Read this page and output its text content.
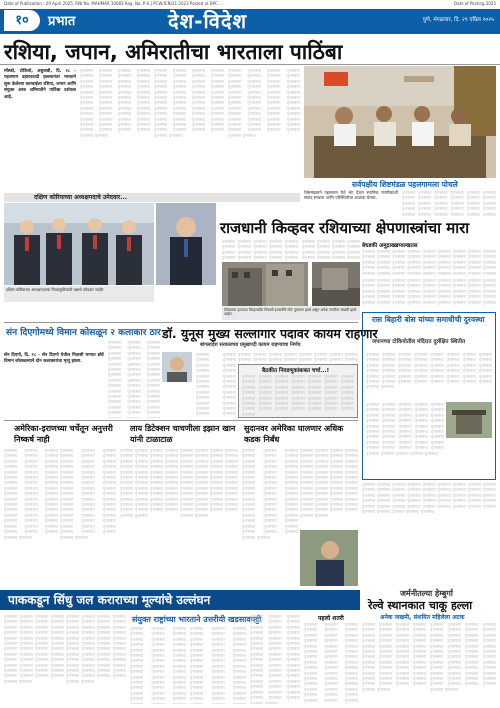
Date of Publication : 29 April 2025, RNI No. MAHMAR 10683 Reg. No. P-S | PCW/ICN/21-2023 Posted at BPC ...	Date of Posting 2025
१०	प्रभात	देश-विदेश	पुणे, मंगळवार, दि. २९ एप्रिल २०२५
रशिया, जपान, अमिरातीचा भारताला पाठिंबा
मॉस्को, टोकियो, अबुधाबी, दि. २८ - पहलगाम दहशतवादी हल्ल्यानंतर भारताने सुरू केलेल्या कारवाईला रशिया, जपान आणि संयुक्त अरब अमिरातीने पाठिंबा दर्शवला आहे.
वृत्तसंस्था वृत्तसंस्था वृत्तसंस्था वृत्तसंस्था वृत्तसंस्था वृत्तसंस्था वृत्तसंस्था वृत्तसंस्था वृत्तसंस्था वृत्तसंस्था वृत्तसंस्था वृत्तसंस्था वृत्तसंस्था वृत्तसंस्था वृत्तसंस्था वृत्तसंस्था वृत्तसंस्था वृत्तसंस्था वृत्तसंस्था वृत्तसंस्था वृत्तसंस्था वृत्तसंस्था वृत्तसंस्था वृत्तसंस्था वृत्तसंस्था वृत्तसंस्था वृत्तसंस्था वृत्तसंस्था वृत्तसंस्था वृत्तसंस्था वृत्तसंस्था वृत्तसंस्था वृत्तसंस्था वृत्तसंस्था वृत्तसंस्था वृत्तसंस्था वृत्तसंस्था वृत्तसंस्था वृत्तसंस्था वृत्तसंस्था वृत्तसंस्था वृत्तसंस्था वृत्तसंस्था वृत्तसंस्था वृत्तसंस्था वृत्तसंस्था वृत्तसंस्था वृत्तसंस्था वृत्तसंस्था वृत्तसंस्था
वृत्तसंस्था वृत्तसंस्था वृत्तसंस्था वृत्तसंस्था वृत्तसंस्था वृत्तसंस्था वृत्तसंस्था वृत्तसंस्था वृत्तसंस्था वृत्तसंस्था वृत्तसंस्था वृत्तसंस्था वृत्तसंस्था वृत्तसंस्था वृत्तसंस्था वृत्तसंस्था वृत्तसंस्था वृत्तसंस्था वृत्तसंस्था वृत्तसंस्था वृत्तसंस्था वृत्तसंस्था वृत्तसंस्था वृत्तसंस्था वृत्तसंस्था वृत्तसंस्था वृत्तसंस्था वृत्तसंस्था वृत्तसंस्था वृत्तसंस्था वृत्तसंस्था वृत्तसंस्था वृत्तसंस्था वृत्तसंस्था वृत्तसंस्था वृत्तसंस्था वृत्तसंस्था वृत्तसंस्था वृत्तसंस्था वृत्तसंस्था वृत्तसंस्था वृत्तसंस्था वृत्तसंस्था वृत्तसंस्था वृत्तसंस्था वृत्तसंस्था वृत्तसंस्था वृत्तसंस्था वृत्तसंस्था वृत्तसंस्था
वृत्तसंस्था वृत्तसंस्था वृत्तसंस्था वृत्तसंस्था वृत्तसंस्था वृत्तसंस्था वृत्तसंस्था वृत्तसंस्था वृत्तसंस्था वृत्तसंस्था वृत्तसंस्था वृत्तसंस्था वृत्तसंस्था वृत्तसंस्था वृत्तसंस्था वृत्तसंस्था वृत्तसंस्था वृत्तसंस्था वृत्तसंस्था वृत्तसंस्था वृत्तसंस्था वृत्तसंस्था वृत्तसंस्था वृत्तसंस्था वृत्तसंस्था वृत्तसंस्था वृत्तसंस्था वृत्तसंस्था वृत्तसंस्था वृत्तसंस्था वृत्तसंस्था वृत्तसंस्था वृत्तसंस्था वृत्तसंस्था वृत्तसंस्था वृत्तसंस्था वृत्तसंस्था वृत्तसंस्था वृत्तसंस्था वृत्तसंस्था वृत्तसंस्था वृत्तसंस्था वृत्तसंस्था वृत्तसंस्था वृत्तसंस्था वृत्तसंस्था वृत्तसंस्था वृत्तसंस्था वृत्तसंस्था वृत्तसंस्था
सर्वपक्षीय शिष्टमंडळ पहलगामला पोचले
शिष्टमंडळाने पहलगाम येथे भेट देऊन स्थानिक नागरिकांशी संवाद साधला आणि परिस्थितीचा आढावा घेतला.
वृत्तसंस्था वृत्तसंस्था वृत्तसंस्था वृत्तसंस्था वृत्तसंस्था वृत्तसंस्था वृत्तसंस्था वृत्तसंस्था वृत्तसंस्था वृत्तसंस्था वृत्तसंस्था वृत्तसंस्था वृत्तसंस्था वृत्तसंस्था वृत्तसंस्था वृत्तसंस्था वृत्तसंस्था वृत्तसंस्था वृत्तसंस्था वृत्तसंस्था वृत्तसंस्था वृत्तसंस्था वृत्तसंस्था वृत्तसंस्था वृत्तसंस्था वृत्तसंस्था वृत्तसंस्था वृत्तसंस्था वृत्तसंस्था वृत्तसंस्था वृत्तसंस्था वृत्तसंस्था वृत्तसंस्था वृत्तसंस्था वृत्तसंस्था वृत्तसंस्था वृत्तसंस्था वृत्तसंस्था वृत्तसंस्था वृत्तसंस्था वृत्तसंस्था वृत्तसंस्था वृत्तसंस्था वृत्तसंस्था वृत्तसंस्था वृत्तसंस्था वृत्तसंस्था वृत्तसंस्था वृत्तसंस्था वृत्तसंस्था
दक्षिण कोरियाच्या अध्यक्षपदाचे उमेदवार...
दक्षिण कोरियाच्या अध्यक्षपदाच्या निवडणुकीसाठी पक्षाचे उमेदवार जाहीर
राजधानी किव्हवर रशियाच्या क्षेपणास्त्रांचा मारा
वृत्तसंस्था वृत्तसंस्था वृत्तसंस्था वृत्तसंस्था वृत्तसंस्था वृत्तसंस्था वृत्तसंस्था वृत्तसंस्था वृत्तसंस्था वृत्तसंस्था वृत्तसंस्था वृत्तसंस्था वृत्तसंस्था वृत्तसंस्था वृत्तसंस्था वृत्तसंस्था वृत्तसंस्था वृत्तसंस्था वृत्तसंस्था वृत्तसंस्था वृत्तसंस्था वृत्तसंस्था वृत्तसंस्था वृत्तसंस्था वृत्तसंस्था वृत्तसंस्था वृत्तसंस्था वृत्तसंस्था वृत्तसंस्था वृत्तसंस्था वृत्तसंस्था वृत्तसंस्था वृत्तसंस्था वृत्तसंस्था वृत्तसंस्था वृत्तसंस्था वृत्तसंस्था वृत्तसंस्था वृत्तसंस्था वृत्तसंस्था वृत्तसंस्था वृत्तसंस्था वृत्तसंस्था वृत्तसंस्था वृत्तसंस्था वृत्तसंस्था वृत्तसंस्था वृत्तसंस्था वृत्तसंस्था वृत्तसंस्था
वृत्तसंस्था वृत्तसंस्था वृत्तसंस्था वृत्तसंस्था वृत्तसंस्था वृत्तसंस्था वृत्तसंस्था वृत्तसंस्था वृत्तसंस्था वृत्तसंस्था वृत्तसंस्था वृत्तसंस्था वृत्तसंस्था वृत्तसंस्था वृत्तसंस्था वृत्तसंस्था वृत्तसंस्था वृत्तसंस्था वृत्तसंस्था वृत्तसंस्था वृत्तसंस्था वृत्तसंस्था वृत्तसंस्था वृत्तसंस्था वृत्तसंस्था वृत्तसंस्था वृत्तसंस्था वृत्तसंस्था वृत्तसंस्था वृत्तसंस्था वृत्तसंस्था वृत्तसंस्था वृत्तसंस्था वृत्तसंस्था वृत्तसंस्था वृत्तसंस्था वृत्तसंस्था वृत्तसंस्था वृत्तसंस्था वृत्तसंस्था वृत्तसंस्था वृत्तसंस्था वृत्तसंस्था वृत्तसंस्था वृत्तसंस्था वृत्तसंस्था वृत्तसंस्था वृत्तसंस्था वृत्तसंस्था वृत्तसंस्था
बेधडकी अमुद्राख्खय्यल्खतस
वृत्तसंस्था वृत्तसंस्था वृत्तसंस्था वृत्तसंस्था वृत्तसंस्था वृत्तसंस्था वृत्तसंस्था वृत्तसंस्था वृत्तसंस्था वृत्तसंस्था वृत्तसंस्था वृत्तसंस्था वृत्तसंस्था वृत्तसंस्था वृत्तसंस्था वृत्तसंस्था वृत्तसंस्था वृत्तसंस्था वृत्तसंस्था वृत्तसंस्था वृत्तसंस्था वृत्तसंस्था वृत्तसंस्था वृत्तसंस्था वृत्तसंस्था वृत्तसंस्था वृत्तसंस्था वृत्तसंस्था वृत्तसंस्था वृत्तसंस्था वृत्तसंस्था वृत्तसंस्था वृत्तसंस्था वृत्तसंस्था वृत्तसंस्था वृत्तसंस्था वृत्तसंस्था वृत्तसंस्था वृत्तसंस्था वृत्तसंस्था वृत्तसंस्था वृत्तसंस्था वृत्तसंस्था वृत्तसंस्था वृत्तसंस्था वृत्तसंस्था वृत्तसंस्था वृत्तसंस्था वृत्तसंस्था वृत्तसंस्था
वृत्तसंस्था वृत्तसंस्था वृत्तसंस्था वृत्तसंस्था वृत्तसंस्था वृत्तसंस्था वृत्तसंस्था वृत्तसंस्था वृत्तसंस्था वृत्तसंस्था वृत्तसंस्था वृत्तसंस्था वृत्तसंस्था वृत्तसंस्था वृत्तसंस्था वृत्तसंस्था वृत्तसंस्था वृत्तसंस्था वृत्तसंस्था वृत्तसंस्था वृत्तसंस्था वृत्तसंस्था वृत्तसंस्था वृत्तसंस्था वृत्तसंस्था वृत्तसंस्था वृत्तसंस्था वृत्तसंस्था वृत्तसंस्था वृत्तसंस्था वृत्तसंस्था वृत्तसंस्था वृत्तसंस्था वृत्तसंस्था वृत्तसंस्था वृत्तसंस्था वृत्तसंस्था वृत्तसंस्था वृत्तसंस्था वृत्तसंस्था वृत्तसंस्था वृत्तसंस्था वृत्तसंस्था वृत्तसंस्था वृत्तसंस्था वृत्तसंस्था वृत्तसंस्था वृत्तसंस्था वृत्तसंस्था वृत्तसंस्था
रशियाच्या हल्ल्यात किव्हमधील निवासी इमारतींचे मोठे नुकसान झाले असून अनेक नागरिक जखमी झाले आहेत.
संन दिएगोमध्ये विमान कोसळून २ कलाकार ठार
सॅन दिएगो, दि. २८ - सॅन दिएगो येथील निवासी भागात छोटे विमान कोसळल्याने दोन कलाकारांचा मृत्यू झाला.
वृत्तसंस्था वृत्तसंस्था वृत्तसंस्था वृत्तसंस्था वृत्तसंस्था वृत्तसंस्था वृत्तसंस्था वृत्तसंस्था वृत्तसंस्था वृत्तसंस्था वृत्तसंस्था वृत्तसंस्था वृत्तसंस्था वृत्तसंस्था वृत्तसंस्था वृत्तसंस्था वृत्तसंस्था वृत्तसंस्था वृत्तसंस्था वृत्तसंस्था वृत्तसंस्था वृत्तसंस्था वृत्तसंस्था वृत्तसंस्था वृत्तसंस्था वृत्तसंस्था वृत्तसंस्था वृत्तसंस्था वृत्तसंस्था वृत्तसंस्था वृत्तसंस्था वृत्तसंस्था वृत्तसंस्था वृत्तसंस्था वृत्तसंस्था वृत्तसंस्था वृत्तसंस्था वृत्तसंस्था वृत्तसंस्था वृत्तसंस्था वृत्तसंस्था वृत्तसंस्था वृत्तसंस्था वृत्तसंस्था वृत्तसंस्था वृत्तसंस्था वृत्तसंस्था वृत्तसंस्था वृत्तसंस्था वृत्तसंस्था
डॉ. युनूस मुख्य सल्लागार पदावर कायम राहणार
बांगलादेश सरकारच्या प्रमुखपदी कायम राहण्याचा निर्णय
वृत्तसंस्था वृत्तसंस्था वृत्तसंस्था वृत्तसंस्था वृत्तसंस्था वृत्तसंस्था वृत्तसंस्था वृत्तसंस्था वृत्तसंस्था वृत्तसंस्था वृत्तसंस्था वृत्तसंस्था वृत्तसंस्था वृत्तसंस्था वृत्तसंस्था वृत्तसंस्था वृत्तसंस्था वृत्तसंस्था वृत्तसंस्था वृत्तसंस्था वृत्तसंस्था वृत्तसंस्था वृत्तसंस्था वृत्तसंस्था वृत्तसंस्था वृत्तसंस्था वृत्तसंस्था वृत्तसंस्था वृत्तसंस्था वृत्तसंस्था वृत्तसंस्था वृत्तसंस्था वृत्तसंस्था वृत्तसंस्था वृत्तसंस्था वृत्तसंस्था वृत्तसंस्था वृत्तसंस्था वृत्तसंस्था वृत्तसंस्था वृत्तसंस्था वृत्तसंस्था वृत्तसंस्था वृत्तसंस्था वृत्तसंस्था वृत्तसंस्था वृत्तसंस्था वृत्तसंस्था वृत्तसंस्था वृत्तसंस्था
वृत्तसंस्था वृत्तसंस्था वृत्तसंस्था वृत्तसंस्था वृत्तसंस्था वृत्तसंस्था वृत्तसंस्था वृत्तसंस्था वृत्तसंस्था वृत्तसंस्था वृत्तसंस्था वृत्तसंस्था वृत्तसंस्था वृत्तसंस्था वृत्तसंस्था वृत्तसंस्था वृत्तसंस्था वृत्तसंस्था वृत्तसंस्था वृत्तसंस्था वृत्तसंस्था वृत्तसंस्था वृत्तसंस्था वृत्तसंस्था वृत्तसंस्था वृत्तसंस्था वृत्तसंस्था वृत्तसंस्था वृत्तसंस्था वृत्तसंस्था वृत्तसंस्था वृत्तसंस्था वृत्तसंस्था वृत्तसंस्था वृत्तसंस्था वृत्तसंस्था वृत्तसंस्था वृत्तसंस्था वृत्तसंस्था वृत्तसंस्था वृत्तसंस्था वृत्तसंस्था वृत्तसंस्था वृत्तसंस्था वृत्तसंस्था वृत्तसंस्था वृत्तसंस्था वृत्तसंस्था वृत्तसंस्था वृत्तसंस्था
बैठकीत निवडणुकांबाबत चर्चा...!
वृत्तसंस्था वृत्तसंस्था वृत्तसंस्था वृत्तसंस्था वृत्तसंस्था वृत्तसंस्था वृत्तसंस्था वृत्तसंस्था वृत्तसंस्था वृत्तसंस्था वृत्तसंस्था वृत्तसंस्था वृत्तसंस्था वृत्तसंस्था वृत्तसंस्था वृत्तसंस्था वृत्तसंस्था वृत्तसंस्था वृत्तसंस्था वृत्तसंस्था वृत्तसंस्था वृत्तसंस्था वृत्तसंस्था वृत्तसंस्था वृत्तसंस्था वृत्तसंस्था वृत्तसंस्था वृत्तसंस्था वृत्तसंस्था वृत्तसंस्था वृत्तसंस्था वृत्तसंस्था वृत्तसंस्था वृत्तसंस्था वृत्तसंस्था वृत्तसंस्था वृत्तसंस्था वृत्तसंस्था वृत्तसंस्था वृत्तसंस्था वृत्तसंस्था वृत्तसंस्था वृत्तसंस्था वृत्तसंस्था वृत्तसंस्था वृत्तसंस्था वृत्तसंस्था वृत्तसंस्था वृत्तसंस्था वृत्तसंस्था
रास बिहारी बोस यांच्या समाधीची दुरवस्था
जपानच्या टोकियोतील मंदिरात दुर्लक्षित स्थितीत
वृत्तसंस्था वृत्तसंस्था वृत्तसंस्था वृत्तसंस्था वृत्तसंस्था वृत्तसंस्था वृत्तसंस्था वृत्तसंस्था वृत्तसंस्था वृत्तसंस्था वृत्तसंस्था वृत्तसंस्था वृत्तसंस्था वृत्तसंस्था वृत्तसंस्था वृत्तसंस्था वृत्तसंस्था वृत्तसंस्था वृत्तसंस्था वृत्तसंस्था वृत्तसंस्था वृत्तसंस्था वृत्तसंस्था वृत्तसंस्था वृत्तसंस्था वृत्तसंस्था वृत्तसंस्था वृत्तसंस्था वृत्तसंस्था वृत्तसंस्था वृत्तसंस्था वृत्तसंस्था वृत्तसंस्था वृत्तसंस्था वृत्तसंस्था वृत्तसंस्था वृत्तसंस्था वृत्तसंस्था वृत्तसंस्था वृत्तसंस्था वृत्तसंस्था वृत्तसंस्था वृत्तसंस्था वृत्तसंस्था वृत्तसंस्था वृत्तसंस्था वृत्तसंस्था वृत्तसंस्था वृत्तसंस्था वृत्तसंस्था
वृत्तसंस्था वृत्तसंस्था वृत्तसंस्था वृत्तसंस्था वृत्तसंस्था वृत्तसंस्था वृत्तसंस्था वृत्तसंस्था वृत्तसंस्था वृत्तसंस्था वृत्तसंस्था वृत्तसंस्था वृत्तसंस्था वृत्तसंस्था वृत्तसंस्था वृत्तसंस्था वृत्तसंस्था वृत्तसंस्था वृत्तसंस्था वृत्तसंस्था वृत्तसंस्था वृत्तसंस्था वृत्तसंस्था वृत्तसंस्था वृत्तसंस्था वृत्तसंस्था वृत्तसंस्था वृत्तसंस्था वृत्तसंस्था वृत्तसंस्था वृत्तसंस्था वृत्तसंस्था वृत्तसंस्था वृत्तसंस्था वृत्तसंस्था वृत्तसंस्था वृत्तसंस्था वृत्तसंस्था वृत्तसंस्था वृत्तसंस्था वृत्तसंस्था वृत्तसंस्था वृत्तसंस्था वृत्तसंस्था वृत्तसंस्था वृत्तसंस्था वृत्तसंस्था वृत्तसंस्था वृत्तसंस्था वृत्तसंस्था
अमेरिका-इराणच्या चर्चेतून अनुत्तरी निष्कर्ष नाही
वृत्तसंस्था वृत्तसंस्था वृत्तसंस्था वृत्तसंस्था वृत्तसंस्था वृत्तसंस्था वृत्तसंस्था वृत्तसंस्था वृत्तसंस्था वृत्तसंस्था वृत्तसंस्था वृत्तसंस्था वृत्तसंस्था वृत्तसंस्था वृत्तसंस्था वृत्तसंस्था वृत्तसंस्था वृत्तसंस्था वृत्तसंस्था वृत्तसंस्था वृत्तसंस्था वृत्तसंस्था वृत्तसंस्था वृत्तसंस्था वृत्तसंस्था वृत्तसंस्था वृत्तसंस्था वृत्तसंस्था वृत्तसंस्था वृत्तसंस्था वृत्तसंस्था वृत्तसंस्था वृत्तसंस्था वृत्तसंस्था वृत्तसंस्था वृत्तसंस्था वृत्तसंस्था वृत्तसंस्था वृत्तसंस्था वृत्तसंस्था वृत्तसंस्था वृत्तसंस्था वृत्तसंस्था वृत्तसंस्था वृत्तसंस्था वृत्तसंस्था वृत्तसंस्था वृत्तसंस्था वृत्तसंस्था वृत्तसंस्था
वृत्तसंस्था वृत्तसंस्था वृत्तसंस्था वृत्तसंस्था वृत्तसंस्था वृत्तसंस्था वृत्तसंस्था वृत्तसंस्था वृत्तसंस्था वृत्तसंस्था वृत्तसंस्था वृत्तसंस्था वृत्तसंस्था वृत्तसंस्था वृत्तसंस्था वृत्तसंस्था वृत्तसंस्था वृत्तसंस्था वृत्तसंस्था वृत्तसंस्था वृत्तसंस्था वृत्तसंस्था वृत्तसंस्था वृत्तसंस्था वृत्तसंस्था वृत्तसंस्था वृत्तसंस्था वृत्तसंस्था वृत्तसंस्था वृत्तसंस्था वृत्तसंस्था वृत्तसंस्था वृत्तसंस्था वृत्तसंस्था वृत्तसंस्था वृत्तसंस्था वृत्तसंस्था वृत्तसंस्था वृत्तसंस्था वृत्तसंस्था वृत्तसंस्था वृत्तसंस्था वृत्तसंस्था वृत्तसंस्था वृत्तसंस्था वृत्तसंस्था वृत्तसंस्था वृत्तसंस्था वृत्तसंस्था वृत्तसंस्था
लाय डिटेक्शन चाचणीला इझान खान यांनी टाळाटाळ
वृत्तसंस्था वृत्तसंस्था वृत्तसंस्था वृत्तसंस्था वृत्तसंस्था वृत्तसंस्था वृत्तसंस्था वृत्तसंस्था वृत्तसंस्था वृत्तसंस्था वृत्तसंस्था वृत्तसंस्था वृत्तसंस्था वृत्तसंस्था वृत्तसंस्था वृत्तसंस्था वृत्तसंस्था वृत्तसंस्था वृत्तसंस्था वृत्तसंस्था वृत्तसंस्था वृत्तसंस्था वृत्तसंस्था वृत्तसंस्था वृत्तसंस्था वृत्तसंस्था वृत्तसंस्था वृत्तसंस्था वृत्तसंस्था वृत्तसंस्था वृत्तसंस्था वृत्तसंस्था वृत्तसंस्था वृत्तसंस्था वृत्तसंस्था वृत्तसंस्था वृत्तसंस्था वृत्तसंस्था वृत्तसंस्था वृत्तसंस्था वृत्तसंस्था वृत्तसंस्था वृत्तसंस्था वृत्तसंस्था वृत्तसंस्था वृत्तसंस्था वृत्तसंस्था वृत्तसंस्था वृत्तसंस्था वृत्तसंस्था
वृत्तसंस्था वृत्तसंस्था वृत्तसंस्था वृत्तसंस्था वृत्तसंस्था वृत्तसंस्था वृत्तसंस्था वृत्तसंस्था वृत्तसंस्था वृत्तसंस्था वृत्तसंस्था वृत्तसंस्था वृत्तसंस्था वृत्तसंस्था वृत्तसंस्था वृत्तसंस्था वृत्तसंस्था वृत्तसंस्था वृत्तसंस्था वृत्तसंस्था वृत्तसंस्था वृत्तसंस्था वृत्तसंस्था वृत्तसंस्था वृत्तसंस्था वृत्तसंस्था वृत्तसंस्था वृत्तसंस्था वृत्तसंस्था वृत्तसंस्था वृत्तसंस्था वृत्तसंस्था वृत्तसंस्था वृत्तसंस्था वृत्तसंस्था वृत्तसंस्था वृत्तसंस्था वृत्तसंस्था वृत्तसंस्था वृत्तसंस्था वृत्तसंस्था वृत्तसंस्था वृत्तसंस्था वृत्तसंस्था वृत्तसंस्था वृत्तसंस्था वृत्तसंस्था वृत्तसंस्था वृत्तसंस्था वृत्तसंस्था
सुदानवर अमेरिका घालणार अधिक कडक निर्बंध
वृत्तसंस्था वृत्तसंस्था वृत्तसंस्था वृत्तसंस्था वृत्तसंस्था वृत्तसंस्था वृत्तसंस्था वृत्तसंस्था वृत्तसंस्था वृत्तसंस्था वृत्तसंस्था वृत्तसंस्था वृत्तसंस्था वृत्तसंस्था वृत्तसंस्था वृत्तसंस्था वृत्तसंस्था वृत्तसंस्था वृत्तसंस्था वृत्तसंस्था वृत्तसंस्था वृत्तसंस्था वृत्तसंस्था वृत्तसंस्था वृत्तसंस्था वृत्तसंस्था वृत्तसंस्था वृत्तसंस्था वृत्तसंस्था वृत्तसंस्था वृत्तसंस्था वृत्तसंस्था वृत्तसंस्था वृत्तसंस्था वृत्तसंस्था वृत्तसंस्था वृत्तसंस्था वृत्तसंस्था वृत्तसंस्था वृत्तसंस्था वृत्तसंस्था वृत्तसंस्था वृत्तसंस्था वृत्तसंस्था वृत्तसंस्था वृत्तसंस्था वृत्तसंस्था वृत्तसंस्था वृत्तसंस्था वृत्तसंस्था
वृत्तसंस्था वृत्तसंस्था वृत्तसंस्था वृत्तसंस्था वृत्तसंस्था वृत्तसंस्था वृत्तसंस्था वृत्तसंस्था वृत्तसंस्था वृत्तसंस्था वृत्तसंस्था वृत्तसंस्था वृत्तसंस्था वृत्तसंस्था वृत्तसंस्था वृत्तसंस्था वृत्तसंस्था वृत्तसंस्था वृत्तसंस्था वृत्तसंस्था वृत्तसंस्था वृत्तसंस्था वृत्तसंस्था वृत्तसंस्था वृत्तसंस्था वृत्तसंस्था वृत्तसंस्था वृत्तसंस्था वृत्तसंस्था वृत्तसंस्था वृत्तसंस्था वृत्तसंस्था वृत्तसंस्था वृत्तसंस्था वृत्तसंस्था वृत्तसंस्था वृत्तसंस्था वृत्तसंस्था वृत्तसंस्था वृत्तसंस्था वृत्तसंस्था वृत्तसंस्था वृत्तसंस्था वृत्तसंस्था वृत्तसंस्था वृत्तसंस्था वृत्तसंस्था वृत्तसंस्था वृत्तसंस्था वृत्तसंस्था
वृत्तसंस्था वृत्तसंस्था वृत्तसंस्था वृत्तसंस्था वृत्तसंस्था वृत्तसंस्था वृत्तसंस्था वृत्तसंस्था वृत्तसंस्था वृत्तसंस्था वृत्तसंस्था वृत्तसंस्था वृत्तसंस्था वृत्तसंस्था वृत्तसंस्था वृत्तसंस्था वृत्तसंस्था वृत्तसंस्था वृत्तसंस्था वृत्तसंस्था वृत्तसंस्था वृत्तसंस्था वृत्तसंस्था वृत्तसंस्था वृत्तसंस्था वृत्तसंस्था वृत्तसंस्था वृत्तसंस्था वृत्तसंस्था वृत्तसंस्था वृत्तसंस्था वृत्तसंस्था वृत्तसंस्था वृत्तसंस्था वृत्तसंस्था वृत्तसंस्था वृत्तसंस्था वृत्तसंस्था वृत्तसंस्था वृत्तसंस्था वृत्तसंस्था वृत्तसंस्था वृत्तसंस्था वृत्तसंस्था वृत्तसंस्था वृत्तसंस्था वृत्तसंस्था वृत्तसंस्था वृत्तसंस्था वृत्तसंस्था
पाककडून सिंधु जल कराराच्या मूल्यांचे उल्लंघन	जर्मनीतल्या हेम्बुर्गा
रेल्वे स्थानकात चाकू हल्ला
अनेक जखमी, संशयित महिलेला अटक
वृत्तसंस्था वृत्तसंस्था वृत्तसंस्था वृत्तसंस्था वृत्तसंस्था वृत्तसंस्था वृत्तसंस्था वृत्तसंस्था वृत्तसंस्था वृत्तसंस्था वृत्तसंस्था वृत्तसंस्था वृत्तसंस्था वृत्तसंस्था वृत्तसंस्था वृत्तसंस्था वृत्तसंस्था वृत्तसंस्था वृत्तसंस्था वृत्तसंस्था वृत्तसंस्था वृत्तसंस्था वृत्तसंस्था वृत्तसंस्था वृत्तसंस्था वृत्तसंस्था वृत्तसंस्था वृत्तसंस्था वृत्तसंस्था वृत्तसंस्था वृत्तसंस्था वृत्तसंस्था वृत्तसंस्था वृत्तसंस्था वृत्तसंस्था वृत्तसंस्था वृत्तसंस्था वृत्तसंस्था वृत्तसंस्था वृत्तसंस्था वृत्तसंस्था वृत्तसंस्था वृत्तसंस्था वृत्तसंस्था वृत्तसंस्था वृत्तसंस्था वृत्तसंस्था वृत्तसंस्था वृत्तसंस्था वृत्तसंस्था
वृत्तसंस्था वृत्तसंस्था वृत्तसंस्था वृत्तसंस्था वृत्तसंस्था वृत्तसंस्था वृत्तसंस्था वृत्तसंस्था वृत्तसंस्था वृत्तसंस्था वृत्तसंस्था वृत्तसंस्था वृत्तसंस्था वृत्तसंस्था वृत्तसंस्था वृत्तसंस्था वृत्तसंस्था वृत्तसंस्था वृत्तसंस्था वृत्तसंस्था वृत्तसंस्था वृत्तसंस्था वृत्तसंस्था वृत्तसंस्था वृत्तसंस्था वृत्तसंस्था वृत्तसंस्था वृत्तसंस्था वृत्तसंस्था वृत्तसंस्था वृत्तसंस्था वृत्तसंस्था वृत्तसंस्था वृत्तसंस्था वृत्तसंस्था वृत्तसंस्था वृत्तसंस्था वृत्तसंस्था वृत्तसंस्था वृत्तसंस्था वृत्तसंस्था वृत्तसंस्था वृत्तसंस्था वृत्तसंस्था वृत्तसंस्था वृत्तसंस्था वृत्तसंस्था वृत्तसंस्था वृत्तसंस्था वृत्तसंस्था
संयुक्त राष्ट्रांच्या भारताने उत्तरीयी खडसावपट्टी
वृत्तसंस्था वृत्तसंस्था वृत्तसंस्था वृत्तसंस्था वृत्तसंस्था वृत्तसंस्था वृत्तसंस्था वृत्तसंस्था वृत्तसंस्था वृत्तसंस्था वृत्तसंस्था वृत्तसंस्था वृत्तसंस्था वृत्तसंस्था वृत्तसंस्था वृत्तसंस्था वृत्तसंस्था वृत्तसंस्था वृत्तसंस्था वृत्तसंस्था वृत्तसंस्था वृत्तसंस्था वृत्तसंस्था वृत्तसंस्था वृत्तसंस्था वृत्तसंस्था वृत्तसंस्था वृत्तसंस्था वृत्तसंस्था वृत्तसंस्था वृत्तसंस्था वृत्तसंस्था वृत्तसंस्था वृत्तसंस्था वृत्तसंस्था वृत्तसंस्था वृत्तसंस्था वृत्तसंस्था वृत्तसंस्था वृत्तसंस्था वृत्तसंस्था वृत्तसंस्था वृत्तसंस्था वृत्तसंस्था वृत्तसंस्था वृत्तसंस्था वृत्तसंस्था वृत्तसंस्था वृत्तसंस्था वृत्तसंस्था
वृत्तसंस्था वृत्तसंस्था वृत्तसंस्था वृत्तसंस्था वृत्तसंस्था वृत्तसंस्था वृत्तसंस्था वृत्तसंस्था वृत्तसंस्था वृत्तसंस्था वृत्तसंस्था वृत्तसंस्था वृत्तसंस्था वृत्तसंस्था वृत्तसंस्था वृत्तसंस्था वृत्तसंस्था वृत्तसंस्था वृत्तसंस्था वृत्तसंस्था वृत्तसंस्था वृत्तसंस्था वृत्तसंस्था वृत्तसंस्था वृत्तसंस्था वृत्तसंस्था वृत्तसंस्था वृत्तसंस्था वृत्तसंस्था वृत्तसंस्था वृत्तसंस्था वृत्तसंस्था वृत्तसंस्था वृत्तसंस्था वृत्तसंस्था वृत्तसंस्था वृत्तसंस्था वृत्तसंस्था वृत्तसंस्था वृत्तसंस्था वृत्तसंस्था वृत्तसंस्था वृत्तसंस्था वृत्तसंस्था वृत्तसंस्था वृत्तसंस्था वृत्तसंस्था वृत्तसंस्था वृत्तसंस्था वृत्तसंस्था
वृत्तसंस्था वृत्तसंस्था वृत्तसंस्था वृत्तसंस्था वृत्तसंस्था वृत्तसंस्था वृत्तसंस्था वृत्तसंस्था वृत्तसंस्था वृत्तसंस्था वृत्तसंस्था वृत्तसंस्था वृत्तसंस्था वृत्तसंस्था वृत्तसंस्था वृत्तसंस्था वृत्तसंस्था वृत्तसंस्था वृत्तसंस्था वृत्तसंस्था वृत्तसंस्था वृत्तसंस्था वृत्तसंस्था वृत्तसंस्था वृत्तसंस्था वृत्तसंस्था वृत्तसंस्था वृत्तसंस्था वृत्तसंस्था वृत्तसंस्था वृत्तसंस्था वृत्तसंस्था वृत्तसंस्था वृत्तसंस्था वृत्तसंस्था वृत्तसंस्था वृत्तसंस्था वृत्तसंस्था वृत्तसंस्था वृत्तसंस्था वृत्तसंस्था वृत्तसंस्था वृत्तसंस्था वृत्तसंस्था वृत्तसंस्था वृत्तसंस्था वृत्तसंस्था वृत्तसंस्था वृत्तसंस्था वृत्तसंस्था	पहलो शतरी
वृत्तसंस्था वृत्तसंस्था वृत्तसंस्था वृत्तसंस्था वृत्तसंस्था वृत्तसंस्था वृत्तसंस्था वृत्तसंस्था वृत्तसंस्था वृत्तसंस्था वृत्तसंस्था वृत्तसंस्था वृत्तसंस्था वृत्तसंस्था वृत्तसंस्था वृत्तसंस्था वृत्तसंस्था वृत्तसंस्था वृत्तसंस्था वृत्तसंस्था वृत्तसंस्था वृत्तसंस्था वृत्तसंस्था वृत्तसंस्था वृत्तसंस्था वृत्तसंस्था वृत्तसंस्था वृत्तसंस्था वृत्तसंस्था वृत्तसंस्था वृत्तसंस्था वृत्तसंस्था वृत्तसंस्था वृत्तसंस्था वृत्तसंस्था वृत्तसंस्था वृत्तसंस्था वृत्तसंस्था वृत्तसंस्था वृत्तसंस्था वृत्तसंस्था वृत्तसंस्था वृत्तसंस्था वृत्तसंस्था वृत्तसंस्था वृत्तसंस्था वृत्तसंस्था वृत्तसंस्था वृत्तसंस्था वृत्तसंस्था
वृत्तसंस्था वृत्तसंस्था वृत्तसंस्था वृत्तसंस्था वृत्तसंस्था वृत्तसंस्था वृत्तसंस्था वृत्तसंस्था वृत्तसंस्था वृत्तसंस्था वृत्तसंस्था वृत्तसंस्था वृत्तसंस्था वृत्तसंस्था वृत्तसंस्था वृत्तसंस्था वृत्तसंस्था वृत्तसंस्था वृत्तसंस्था वृत्तसंस्था वृत्तसंस्था वृत्तसंस्था वृत्तसंस्था वृत्तसंस्था वृत्तसंस्था वृत्तसंस्था वृत्तसंस्था वृत्तसंस्था वृत्तसंस्था वृत्तसंस्था वृत्तसंस्था वृत्तसंस्था वृत्तसंस्था वृत्तसंस्था वृत्तसंस्था वृत्तसंस्था वृत्तसंस्था वृत्तसंस्था वृत्तसंस्था वृत्तसंस्था वृत्तसंस्था वृत्तसंस्था वृत्तसंस्था वृत्तसंस्था वृत्तसंस्था वृत्तसंस्था वृत्तसंस्था वृत्तसंस्था वृत्तसंस्था वृत्तसंस्था
वृत्तसंस्था वृत्तसंस्था वृत्तसंस्था वृत्तसंस्था वृत्तसंस्था वृत्तसंस्था वृत्तसंस्था वृत्तसंस्था वृत्तसंस्था वृत्तसंस्था वृत्तसंस्था वृत्तसंस्था वृत्तसंस्था वृत्तसंस्था वृत्तसंस्था वृत्तसंस्था वृत्तसंस्था वृत्तसंस्था वृत्तसंस्था वृत्तसंस्था वृत्तसंस्था वृत्तसंस्था वृत्तसंस्था वृत्तसंस्था वृत्तसंस्था वृत्तसंस्था वृत्तसंस्था वृत्तसंस्था वृत्तसंस्था वृत्तसंस्था वृत्तसंस्था वृत्तसंस्था वृत्तसंस्था वृत्तसंस्था वृत्तसंस्था वृत्तसंस्था वृत्तसंस्था वृत्तसंस्था वृत्तसंस्था वृत्तसंस्था वृत्तसंस्था वृत्तसंस्था वृत्तसंस्था वृत्तसंस्था वृत्तसंस्था वृत्तसंस्था वृत्तसंस्था वृत्तसंस्था वृत्तसंस्था वृत्तसंस्था
